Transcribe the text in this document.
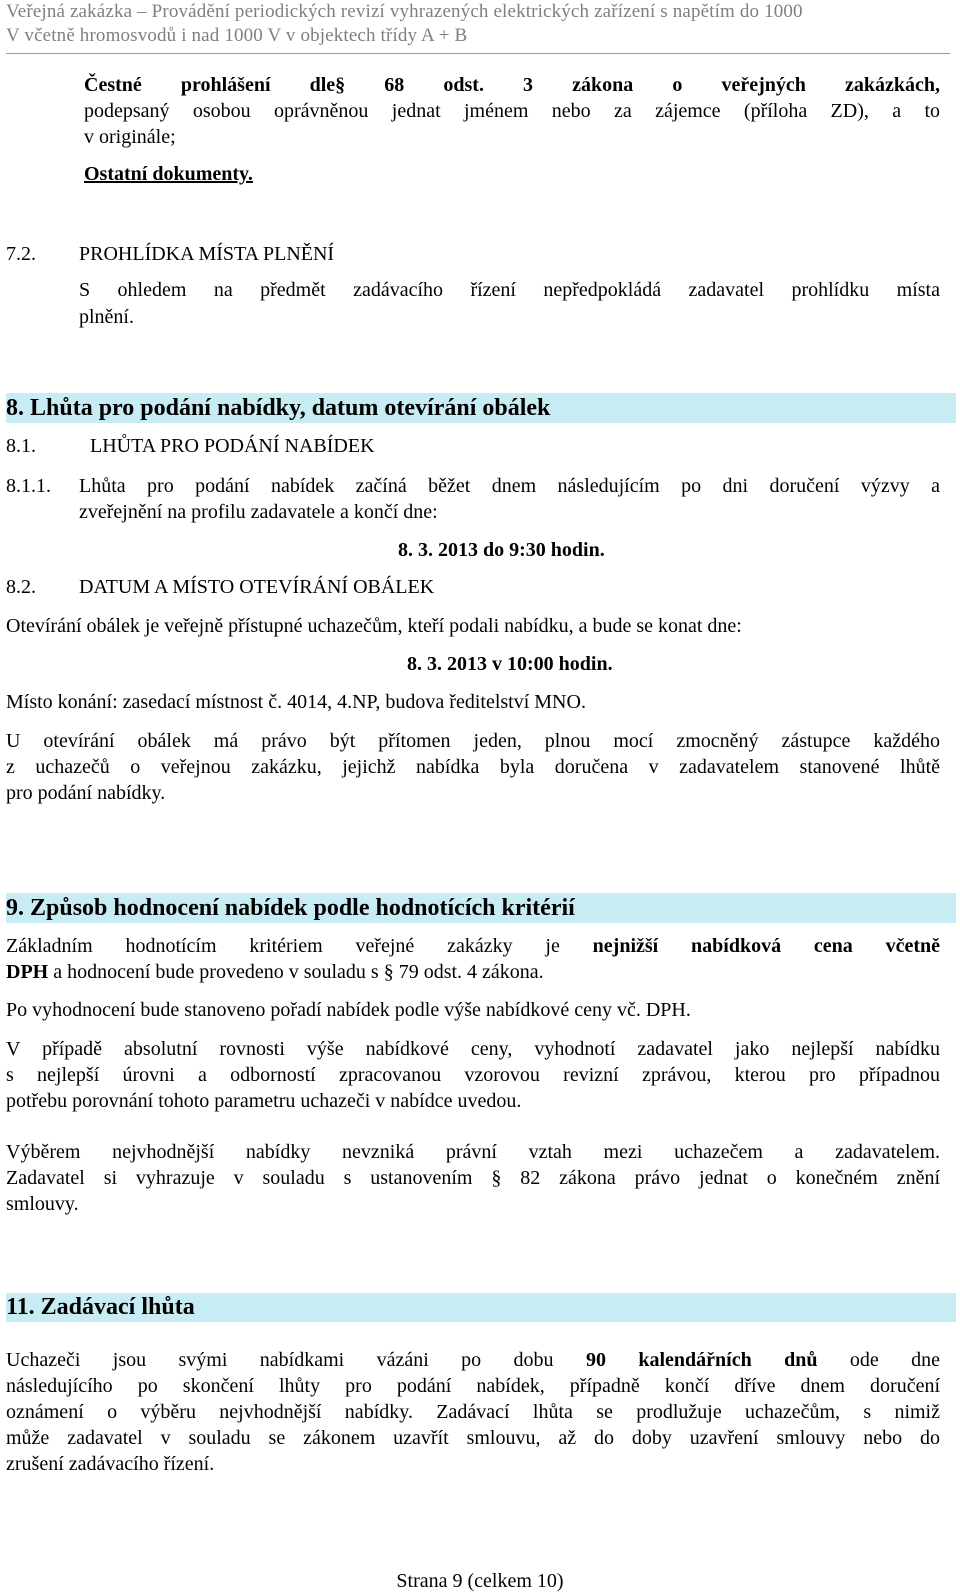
Veřejná zakázka – Provádění periodických revizí vyhrazených elektrických zařízení s napětím do 1000
V včetně hromosvodů i nad 1000 V v objektech třídy A + B
Čestné prohlášení dle§ 68 odst. 3 zákona o veřejných zakázkách,
podepsaný osobou oprávněnou jednat jménem nebo za zájemce (příloha ZD), a to
v originále;
Ostatní dokumenty.
7.2. PROHLÍDKA MÍSTA PLNĚNÍ
S ohledem na předmět zadávacího řízení nepředpokládá zadavatel prohlídku místa
plnění.
8. Lhůta pro podání nabídky, datum otevírání obálek
8.1.	LHŮTA PRO PODÁNÍ NABÍDEK
8.1.1. Lhůta pro podání nabídek začíná běžet dnem následujícím po dni doručení výzvy a
zveřejnění na profilu zadavatele a končí dne:
8. 3. 2013 do 9:30 hodin.
8.2. DATUM A MÍSTO OTEVÍRÁNÍ OBÁLEK
Otevírání obálek je veřejně přístupné uchazečům, kteří podali nabídku, a bude se konat dne:
8. 3. 2013 v 10:00 hodin.
Místo konání: zasedací místnost č. 4014, 4.NP, budova ředitelství MNO.
U otevírání obálek má právo být přítomen jeden, plnou mocí zmocněný zástupce každého
z uchazečů o veřejnou zakázku, jejichž nabídka byla doručena v zadavatelem stanovené lhůtě
pro podání nabídky.
9. Způsob hodnocení nabídek podle hodnotících kritérií
Základním hodnotícím kritériem veřejné zakázky je nejnižší nabídková cena včetně
DPH a hodnocení bude provedeno v souladu s § 79 odst. 4 zákona.
Po vyhodnocení bude stanoveno pořadí nabídek podle výše nabídkové ceny vč. DPH.
V případě absolutní rovnosti výše nabídkové ceny, vyhodnotí zadavatel jako nejlepší nabídku
s nejlepší úrovni a odborností zpracovanou vzorovou revizní zprávou, kterou pro případnou
potřebu porovnání tohoto parametru uchazeči v nabídce uvedou.
Výběrem nejvhodnější nabídky nevzniká právní vztah mezi uchazečem a zadavatelem.
Zadavatel si vyhrazuje v souladu s ustanovením § 82 zákona právo jednat o konečném znění
smlouvy.
11. Zadávací lhůta
Uchazeči jsou svými nabídkami vázáni po dobu 90 kalendářních dnů ode dne
následujícího po skončení lhůty pro podání nabídek, případně končí dříve dnem doručení
oznámení o výběru nejvhodnější nabídky. Zadávací lhůta se prodlužuje uchazečům, s nimiž
může zadavatel v souladu se zákonem uzavřít smlouvu, až do doby uzavření smlouvy nebo do
zrušení zadávacího řízení.
Strana 9 (celkem 10)
